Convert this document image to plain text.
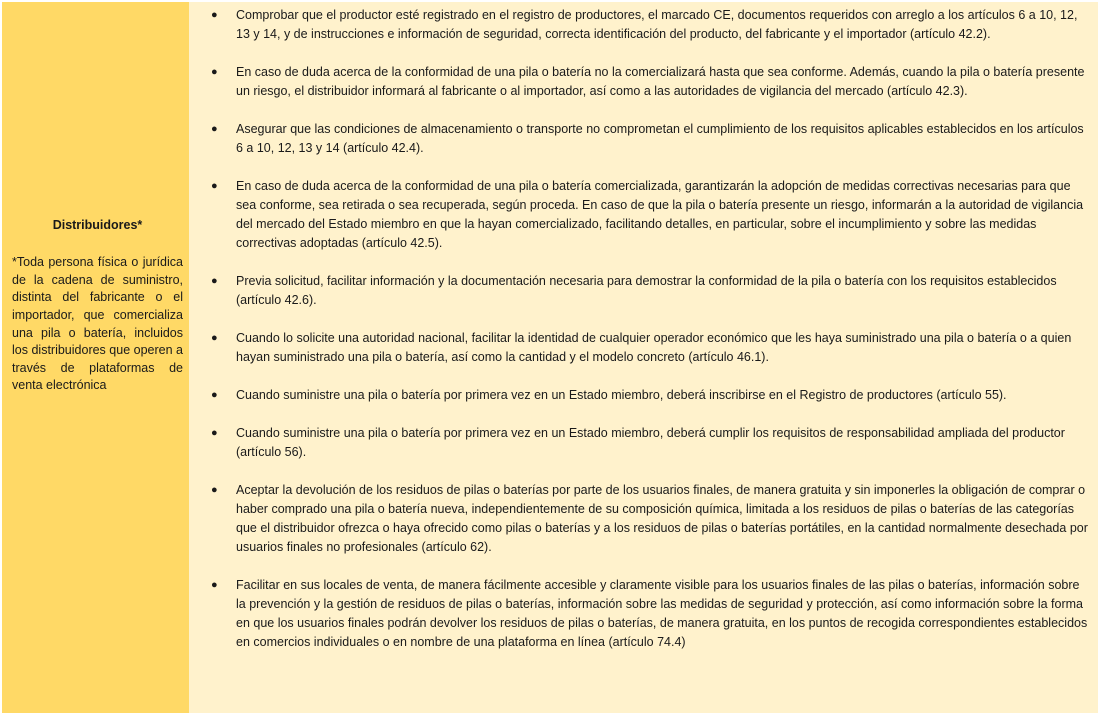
Distribuidores*
*Toda persona física o jurídica de la cadena de suministro, distinta del fabricante o el importador, que comercializa una pila o batería, incluidos los distribuidores que operen a través de plataformas de venta electrónica
● Comprobar que el productor esté registrado en el registro de productores, el marcado CE, documentos requeridos con arreglo a los artículos 6 a 10, 12, 13 y 14, y de instrucciones e información de seguridad, correcta identificación del producto, del fabricante y el importador (artículo 42.2).
● En caso de duda acerca de la conformidad de una pila o batería no la comercializará hasta que sea conforme. Además, cuando la pila o batería presente un riesgo, el distribuidor informará al fabricante o al importador, así como a las autoridades de vigilancia del mercado (artículo 42.3).
● Asegurar que las condiciones de almacenamiento o transporte no comprometan el cumplimiento de los requisitos aplicables establecidos en los artículos 6 a 10, 12, 13 y 14 (artículo 42.4).
● En caso de duda acerca de la conformidad de una pila o batería comercializada, garantizarán la adopción de medidas correctivas necesarias para que sea conforme, sea retirada o sea recuperada, según proceda. En caso de que la pila o batería presente un riesgo, informarán a la autoridad de vigilancia del mercado del Estado miembro en que la hayan comercializado, facilitando detalles, en particular, sobre el incumplimiento y sobre las medidas correctivas adoptadas (artículo 42.5).
● Previa solicitud, facilitar información y la documentación necesaria para demostrar la conformidad de la pila o batería con los requisitos establecidos (artículo 42.6).
● Cuando lo solicite una autoridad nacional, facilitar la identidad de cualquier operador económico que les haya suministrado una pila o batería o a quien hayan suministrado una pila o batería, así como la cantidad y el modelo concreto (artículo 46.1).
● Cuando suministre una pila o batería por primera vez en un Estado miembro, deberá inscribirse en el Registro de productores (artículo 55).
● Cuando suministre una pila o batería por primera vez en un Estado miembro, deberá cumplir los requisitos de responsabilidad ampliada del productor (artículo 56).
● Aceptar la devolución de los residuos de pilas o baterías por parte de los usuarios finales, de manera gratuita y sin imponerles la obligación de comprar o haber comprado una pila o batería nueva, independientemente de su composición química, limitada a los residuos de pilas o baterías de las categorías que el distribuidor ofrezca o haya ofrecido como pilas o baterías y a los residuos de pilas o baterías portátiles, en la cantidad normalmente desechada por usuarios finales no profesionales (artículo 62).
● Facilitar en sus locales de venta, de manera fácilmente accesible y claramente visible para los usuarios finales de las pilas o baterías, información sobre la prevención y la gestión de residuos de pilas o baterías, información sobre las medidas de seguridad y protección, así como información sobre la forma en que los usuarios finales podrán devolver los residuos de pilas o baterías, de manera gratuita, en los puntos de recogida correspondientes establecidos en comercios individuales o en nombre de una plataforma en línea (artículo 74.4)
